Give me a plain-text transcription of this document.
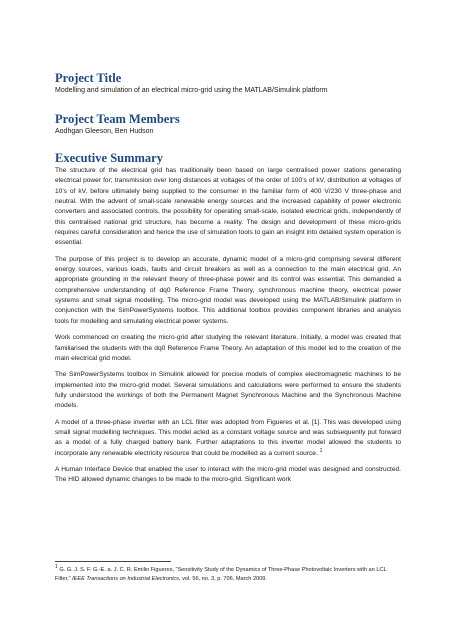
Project Title

Modelling and simulation of an electrical micro-grid using the MATLAB/Simulink platform

Project Team Members

Aodhgan Gleeson, Ben Hudson

Executive Summary

The structure of the electrical grid has traditionally been based on large centralised power stations generating electrical power for; transmission over long distances at voltages of the order of 100’s of kV, distribution at voltages of 10’s of kV, before ultimately being supplied to the consumer in the familiar form of 400 V/230 V three-phase and neutral. With the advent of small-scale renewable energy sources and the increased capability of power electronic converters and associated controls, the possibility for operating small-scale, isolated electrical grids, independently of this centralised national grid structure, has become a reality. The design and development of these micro-grids requires careful consideration and hence the use of simulation tools to gain an insight into detailed system operation is essential.

The purpose of this project is to develop an accurate, dynamic model of a micro-grid comprising several different energy sources, various loads, faults and circuit breakers as well as a connection to the main electrical grid. An appropriate grounding in the relevant theory of three-phase power and its control was essential. This demanded a comprehensive understanding of dq0 Reference Frame Theory, synchronous machine theory, electrical power systems and small signal modelling. The micro-grid model was developed using the MATLAB/Simulink platform in conjunction with the SimPowerSystems toolbox. This additional toolbox provides component libraries and analysis tools for modelling and simulating electrical power systems.

Work commenced on creating the micro-grid after studying the relevant literature. Initially, a model was created that familiarised the students with the dq0 Reference Frame Theory. An adaptation of this model led to the creation of the main electrical grid model.

The SimPowerSystems toolbox in Simulink allowed for precise models of complex electromagnetic machines to be implemented into the micro-grid model. Several simulations and calculations were performed to ensure the students fully understood the workings of both the Permanent Magnet Synchronous Machine and the Synchronous Machine models.

A model of a three-phase inverter with an LCL filter was adopted from Figueres et al. [1]. This was developed using small signal modelling techniques. This model acted as a constant voltage source and was subsequently put forward as a model of a fully charged battery bank. Further adaptations to this inverter model allowed the students to incorporate any renewable electricity resource that could be modelled as a current source. $^1$

A Human Interface Device that enabled the user to interact with the micro-grid model was designed and constructed. The HID allowed dynamic changes to be made to the micro-grid. Significant work

$^1$ G. G. J. S. F. G.-E. a. J. C. R. Emilio Figueres, “Sensitivity Study of the Dynamics of Three-Phase Photovoltaic Inverters with an LCL Filter,” IEEE Transactions on Industrial Electronics, vol. 56, no. 3, p. 706, March 2009.
